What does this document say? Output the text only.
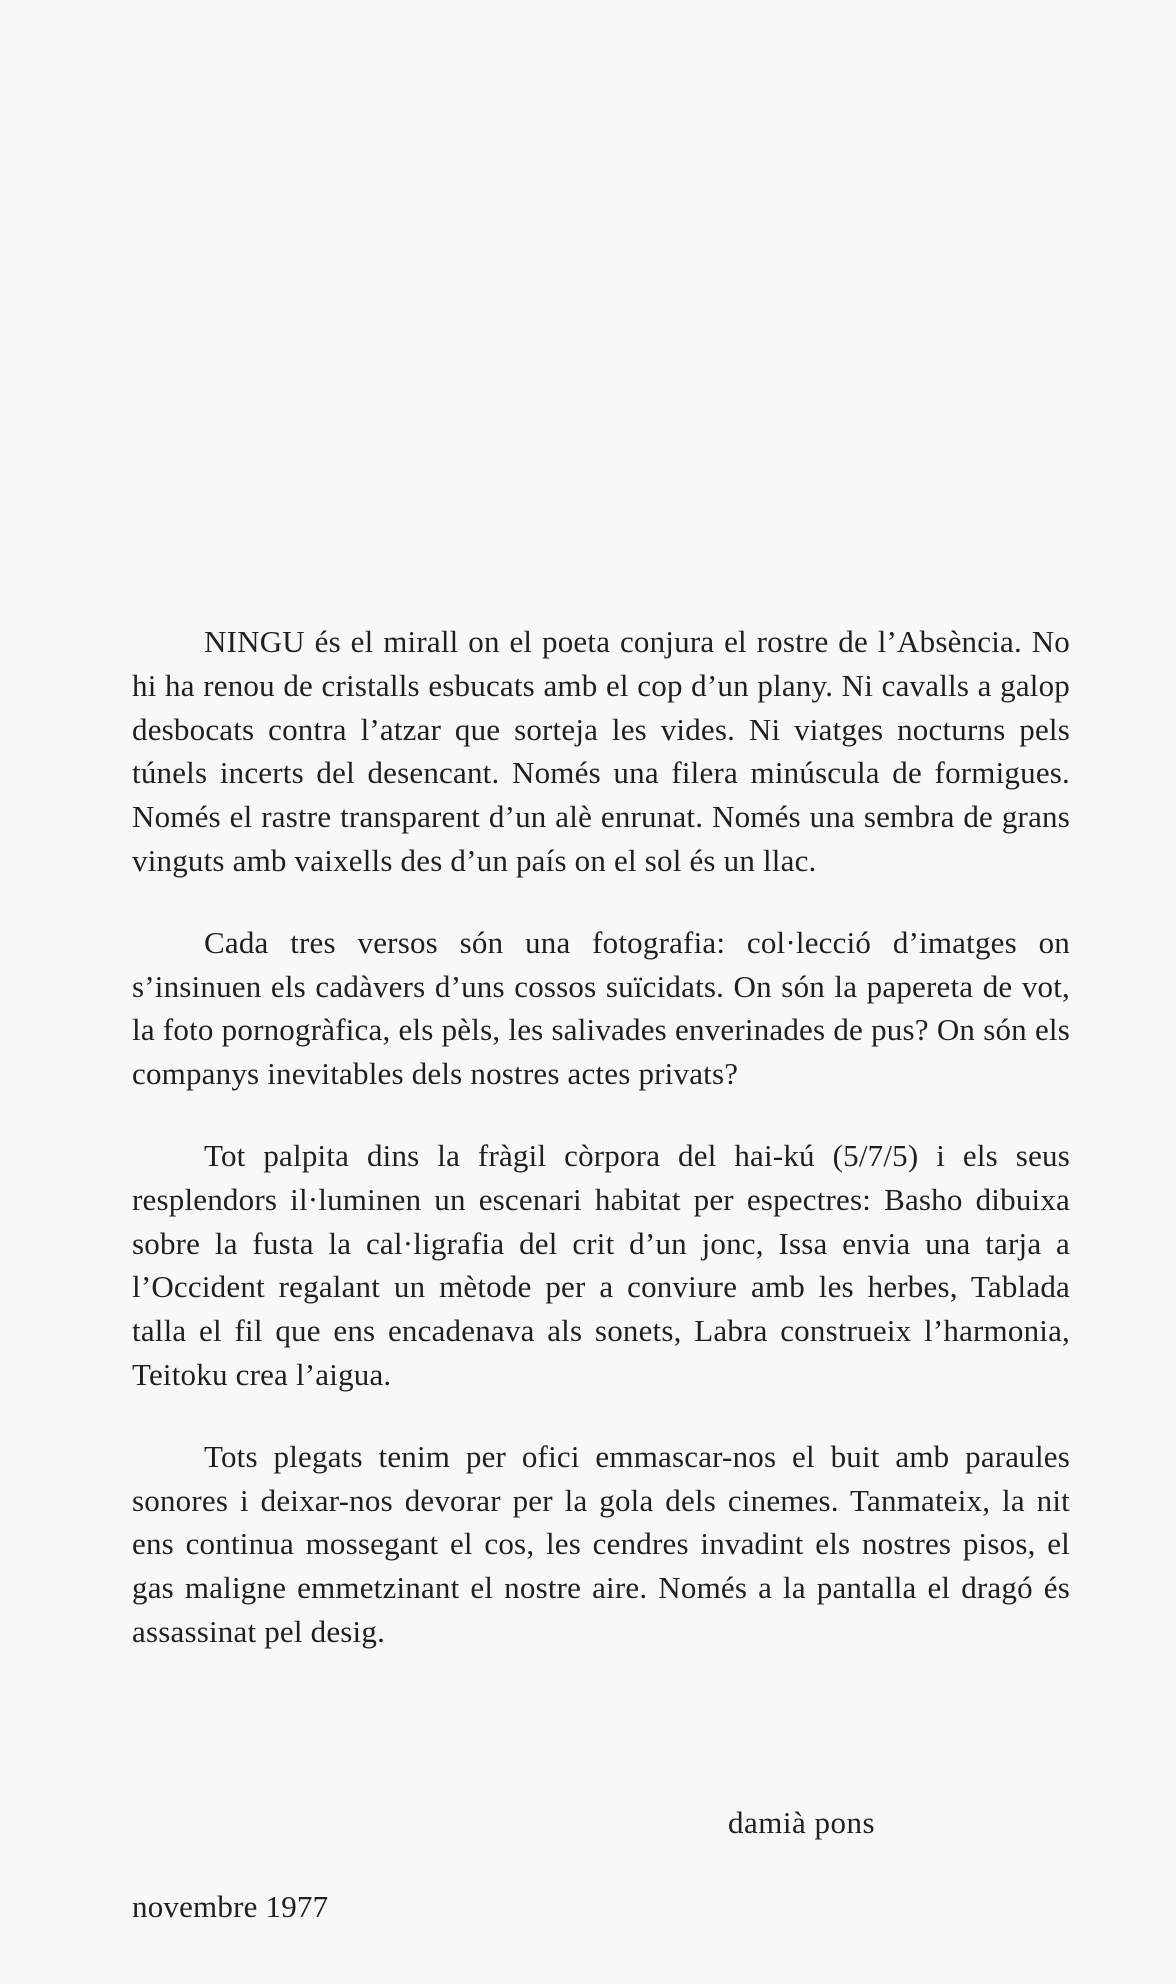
NINGU és el mirall on el poeta conjura el rostre de l’Absència. No hi ha renou de cristalls esbucats amb el cop d’un plany. Ni cavalls a galop desbocats contra l’atzar que sorteja les vides. Ni viatges nocturns pels túnels incerts del desencant. Només una filera minúscula de formigues. Només el rastre transparent d’un alè enrunat. Només una sembra de grans vinguts amb vaixells des d’un país on el sol és un llac.

Cada tres versos són una fotografia: col·lecció d’imatges on s’insinuen els cadàvers d’uns cossos suïcidats. On són la papereta de vot, la foto pornogràfica, els pèls, les salivades enverinades de pus? On són els companys inevitables dels nostres actes privats?

Tot palpita dins la fràgil còrpora del hai-kú (5/7/5) i els seus resplendors il·luminen un escenari habitat per espectres: Basho dibuixa sobre la fusta la cal·ligrafia del crit d’un jonc, Issa envia una tarja a l’Occident regalant un mètode per a conviure amb les herbes, Tablada talla el fil que ens encadenava als sonets, Labra construeix l’harmonia, Teitoku crea l’aigua.

Tots plegats tenim per ofici emmascar-nos el buit amb paraules sonores i deixar-nos devorar per la gola dels cinemes. Tanmateix, la nit ens continua mossegant el cos, les cendres invadint els nostres pisos, el gas maligne emmetzinant el nostre aire. Només a la pantalla el dragó és assassinat pel desig.

damià pons
novembre 1977
